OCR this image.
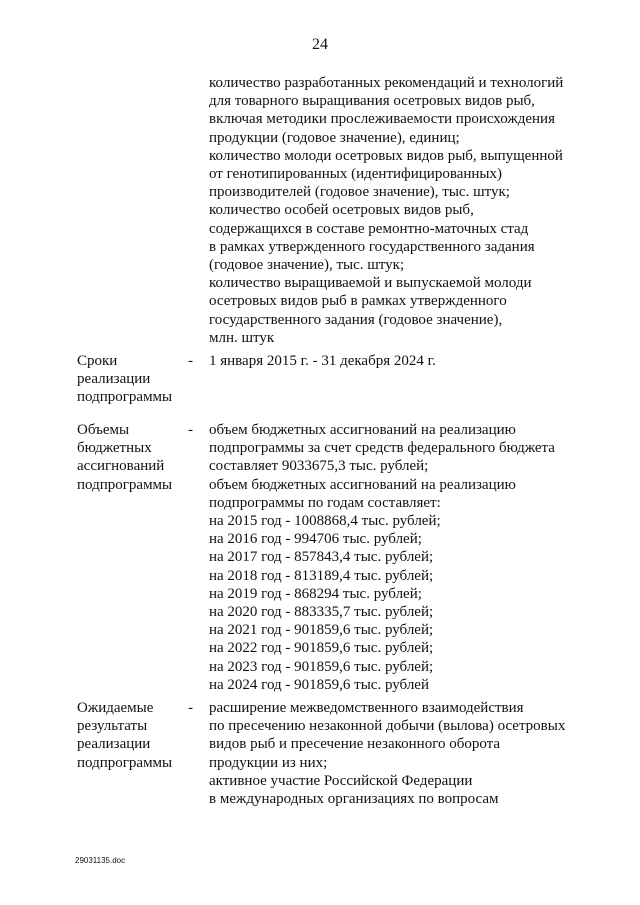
24
количество разработанных рекомендаций и технологий
для товарного выращивания осетровых видов рыб,
включая методики прослеживаемости происхождения
продукции (годовое значение), единиц;
количество молоди осетровых видов рыб, выпущенной
от генотипированных (идентифицированных)
производителей (годовое значение), тыс. штук;
количество особей осетровых видов рыб,
содержащихся в составе ремонтно-маточных стад
в рамках утвержденного государственного задания
(годовое значение), тыс. штук;
количество выращиваемой и выпускаемой молоди
осетровых видов рыб в рамках утвержденного
государственного задания (годовое значение),
млн. штук
Сроки
реализации
подпрограммы
- 1 января 2015 г. - 31 декабря 2024 г.
Объемы
бюджетных
ассигнований
подпрограммы
- объем бюджетных ассигнований на реализацию
подпрограммы за счет средств федерального бюджета
составляет 9033675,3 тыс. рублей;
объем бюджетных ассигнований на реализацию
подпрограммы по годам составляет:
на 2015 год - 1008868,4 тыс. рублей;
на 2016 год - 994706 тыс. рублей;
на 2017 год - 857843,4 тыс. рублей;
на 2018 год - 813189,4 тыс. рублей;
на 2019 год - 868294 тыс. рублей;
на 2020 год - 883335,7 тыс. рублей;
на 2021 год - 901859,6 тыс. рублей;
на 2022 год - 901859,6 тыс. рублей;
на 2023 год - 901859,6 тыс. рублей;
на 2024 год - 901859,6 тыс. рублей
Ожидаемые
результаты
реализации
подпрограммы
- расширение межведомственного взаимодействия
по пресечению незаконной добычи (вылова) осетровых
видов рыб и пресечение незаконного оборота
продукции из них;
активное участие Российской Федерации
в международных организациях по вопросам
29031135.doc
